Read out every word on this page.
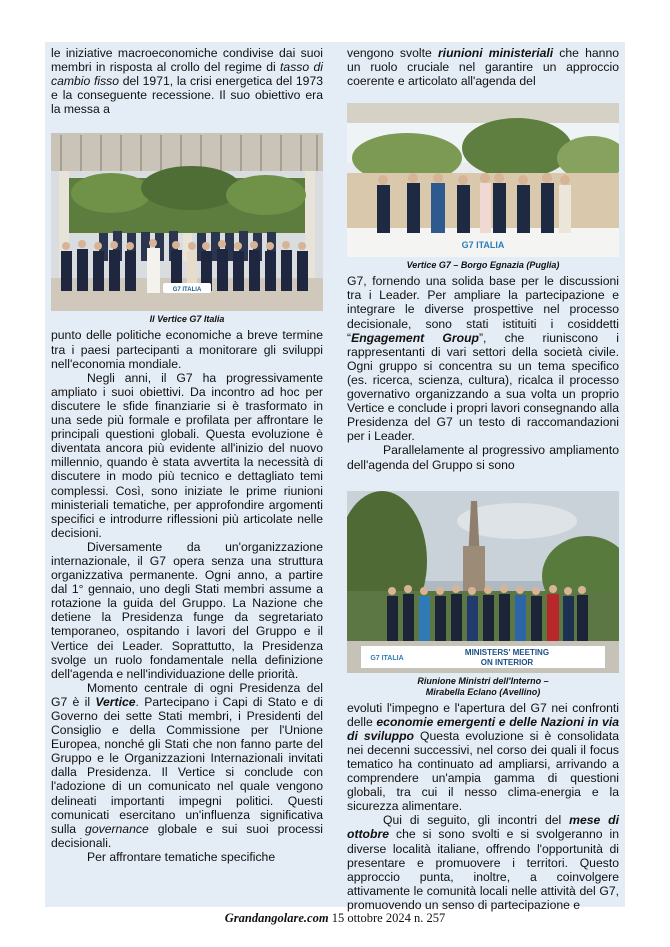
le iniziative macroeconomiche condivise dai suoi membri in risposta al crollo del regime di tasso di cambio fisso del 1971, la crisi energetica del 1973 e la conseguente recessione. Il suo obiettivo era la messa a

G7 ITALIA
Il Vertice G7 Italia

punto delle politiche economiche a breve termine tra i paesi partecipanti a monitorare gli sviluppi nell'economia mondiale.

Negli anni, il G7 ha progressivamente ampliato i suoi obiettivi. Da incontro ad hoc per discutere le sfide finanziarie si è trasformato in una sede più formale e profilata per affrontare le principali questioni globali. Questa evoluzione è diventata ancora più evidente all'inizio del nuovo millennio, quando è stata avvertita la necessità di discutere in modo più tecnico e dettagliato temi complessi. Così, sono iniziate le prime riunioni ministeriali tematiche, per approfondire argomenti specifici e introdurre riflessioni più articolate nelle decisioni.

Diversamente da un'organizzazione internazionale, il G7 opera senza una struttura organizzativa permanente. Ogni anno, a partire dal 1° gennaio, uno degli Stati membri assume a rotazione la guida del Gruppo. La Nazione che detiene la Presidenza funge da segretariato temporaneo, ospitando i lavori del Gruppo e il Vertice dei Leader. Soprattutto, la Presidenza svolge un ruolo fondamentale nella definizione dell'agenda e nell'individuazione delle priorità.

Momento centrale di ogni Presidenza del G7 è il Vertice. Partecipano i Capi di Stato e di Governo dei sette Stati membri, i Presidenti del Consiglio e della Commissione per l'Unione Europea, nonché gli Stati che non fanno parte del Gruppo e le Organizzazioni Internazionali invitati dalla Presidenza. Il Vertice si conclude con l'adozione di un comunicato nel quale vengono delineati importanti impegni politici. Questi comunicati esercitano un'influenza significativa sulla governance globale e sui suoi processi decisionali.

Per affrontare tematiche specifiche

vengono svolte riunioni ministeriali che hanno un ruolo cruciale nel garantire un approccio coerente e articolato all'agenda del

G7 ITALIA
Vertice G7 – Borgo Egnazia (Puglia)

G7, fornendo una solida base per le discussioni tra i Leader. Per ampliare la partecipazione e integrare le diverse prospettive nel processo decisionale, sono stati istituiti i cosiddetti “Engagement Group”, che riuniscono i rappresentanti di vari settori della società civile. Ogni gruppo si concentra su un tema specifico (es. ricerca, scienza, cultura), ricalca il processo governativo organizzando a sua volta un proprio Vertice e conclude i propri lavori consegnando alla Presidenza del G7 un testo di raccomandazioni per i Leader.

Parallelamente al progressivo ampliamento dell'agenda del Gruppo si sono

G7 ITALIA
MINISTERS' MEETING
ON INTERIOR
Riunione Ministri dell'Interno –
Mirabella Eclano (Avellino)

evoluti l'impegno e l'apertura del G7 nei confronti delle economie emergenti e delle Nazioni in via di sviluppo Questa evoluzione si è consolidata nei decenni successivi, nel corso dei quali il focus tematico ha continuato ad ampliarsi, arrivando a comprendere un'ampia gamma di questioni globali, tra cui il nesso clima-energia e la sicurezza alimentare.

Qui di seguito, gli incontri del mese di ottobre che si sono svolti e si svolgeranno in diverse località italiane, offrendo l'opportunità di presentare e promuovere i territori. Questo approccio punta, inoltre, a coinvolgere attivamente le comunità locali nelle attività del G7, promuovendo un senso di partecipazione e

Grandangolare.com 15 ottobre 2024 n. 257
